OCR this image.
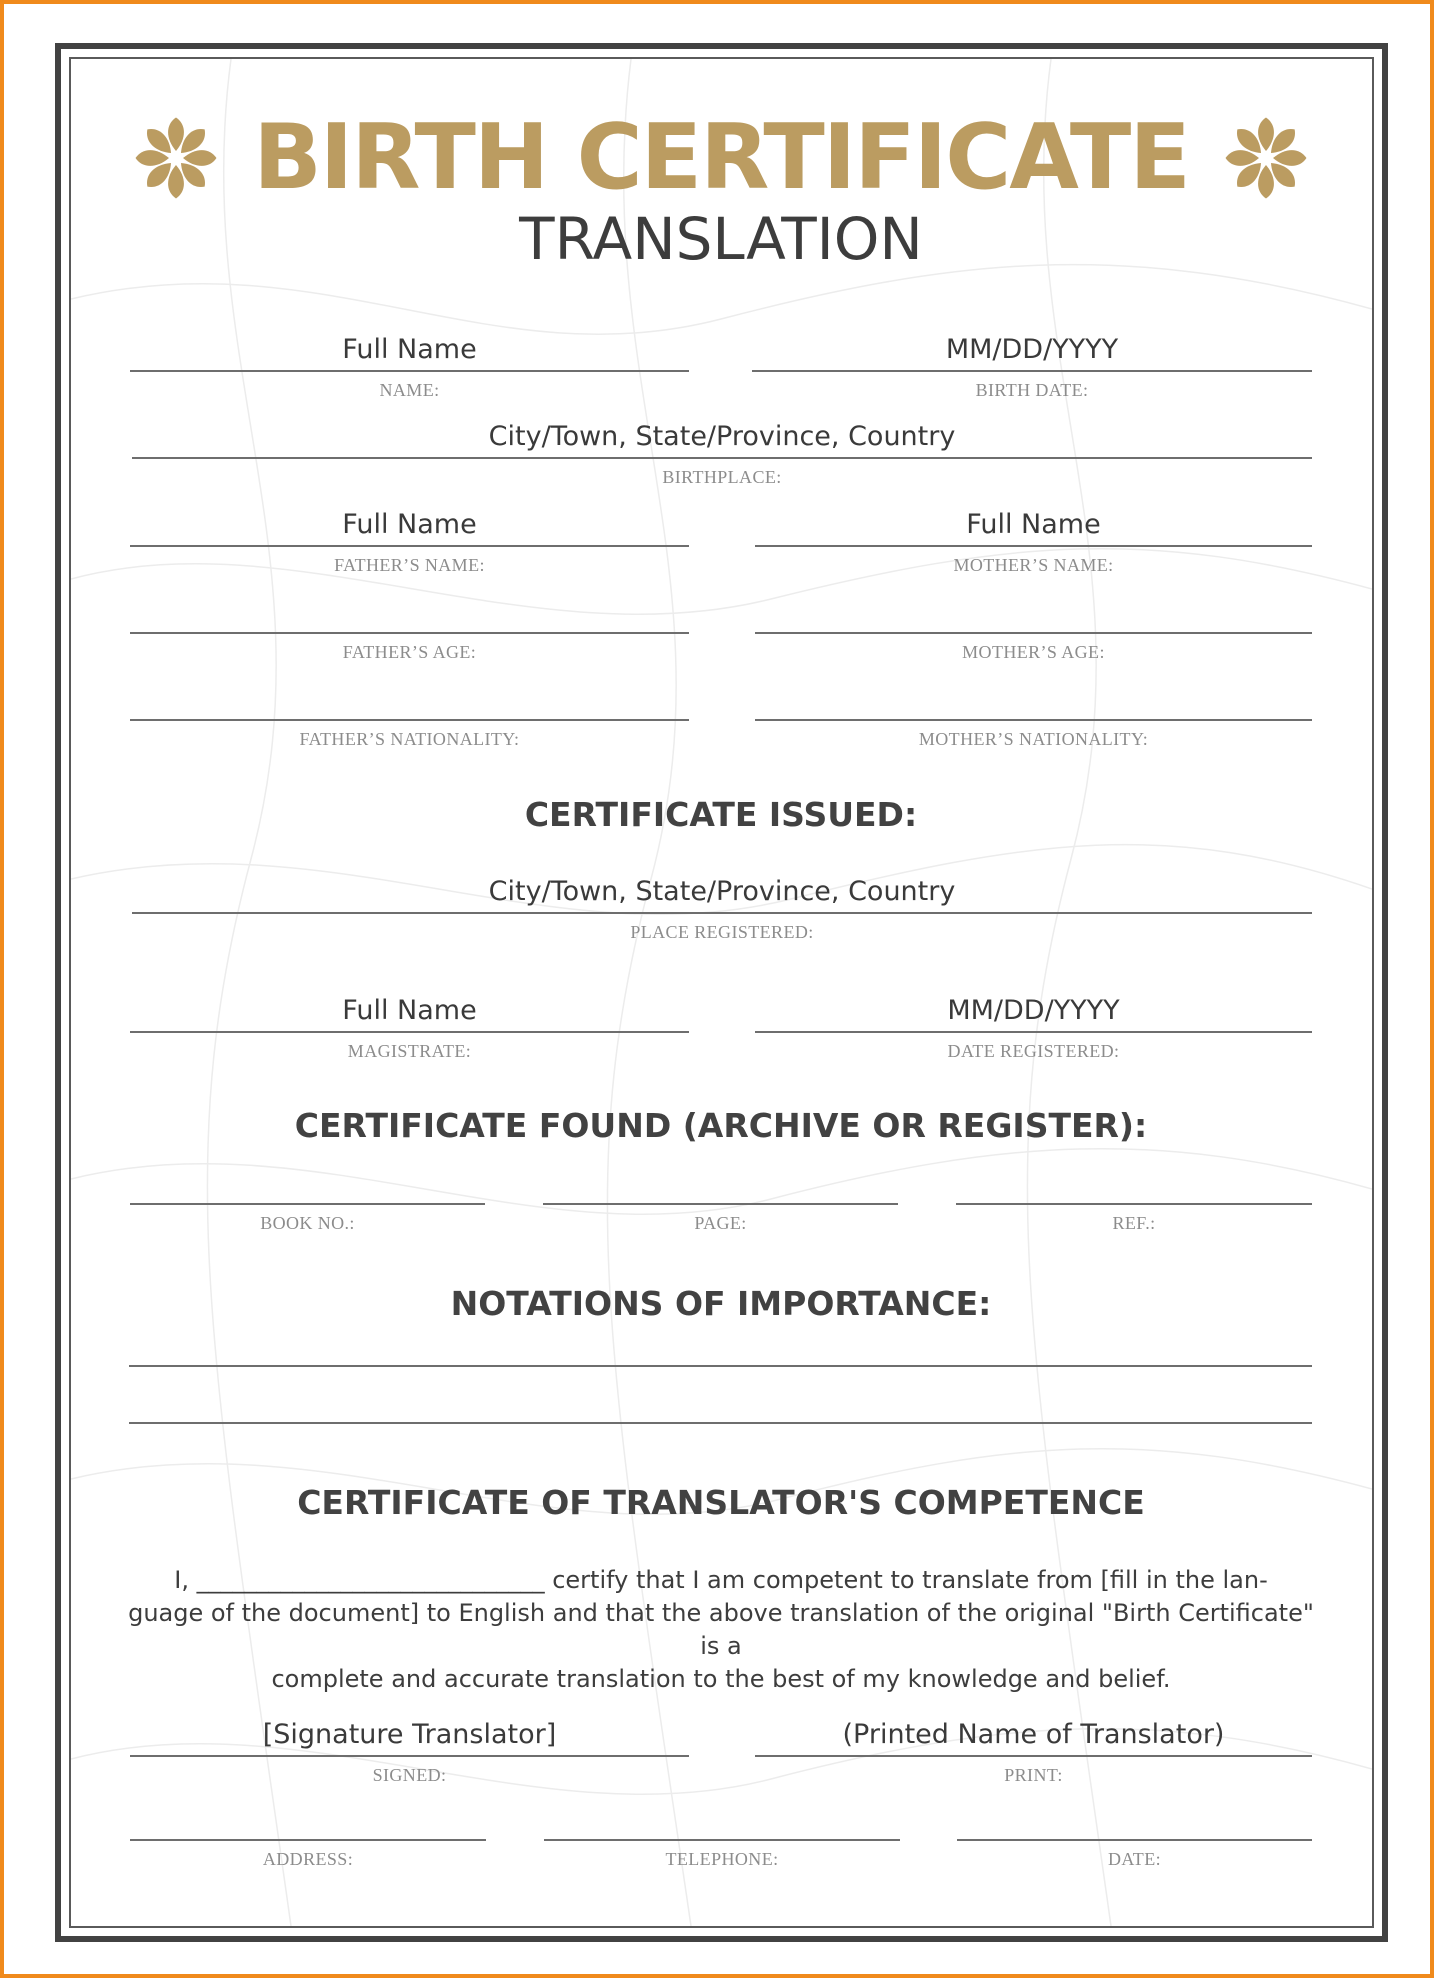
BIRTH CERTIFICATE
TRANSLATION
Full Name
NAME:
MM/DD/YYYY
BIRTH DATE:
City/Town, State/Province, Country
BIRTHPLACE:
Full Name
FATHER’S NAME:
Full Name
MOTHER’S NAME:
FATHER’S AGE:	MOTHER’S AGE:
FATHER’S NATIONALITY:	MOTHER’S NATIONALITY:
CERTIFICATE ISSUED:
City/Town, State/Province, Country
PLACE REGISTERED:
Full Name
MAGISTRATE:
MM/DD/YYYY
DATE REGISTERED:
CERTIFICATE FOUND (ARCHIVE OR REGISTER):
BOOK NO.:	PAGE:	REF.:
NOTATIONS OF IMPORTANCE:
CERTIFICATE OF TRANSLATOR'S COMPETENCE
I, _____________________________ certify that I am competent to translate from [fill in the lan-
guage of the document] to English and that the above translation of the original "Birth Certificate" is a
complete and accurate translation to the best of my knowledge and belief.
[Signature Translator]
SIGNED:
(Printed Name of Translator)
PRINT:
ADDRESS:	TELEPHONE:	DATE:
